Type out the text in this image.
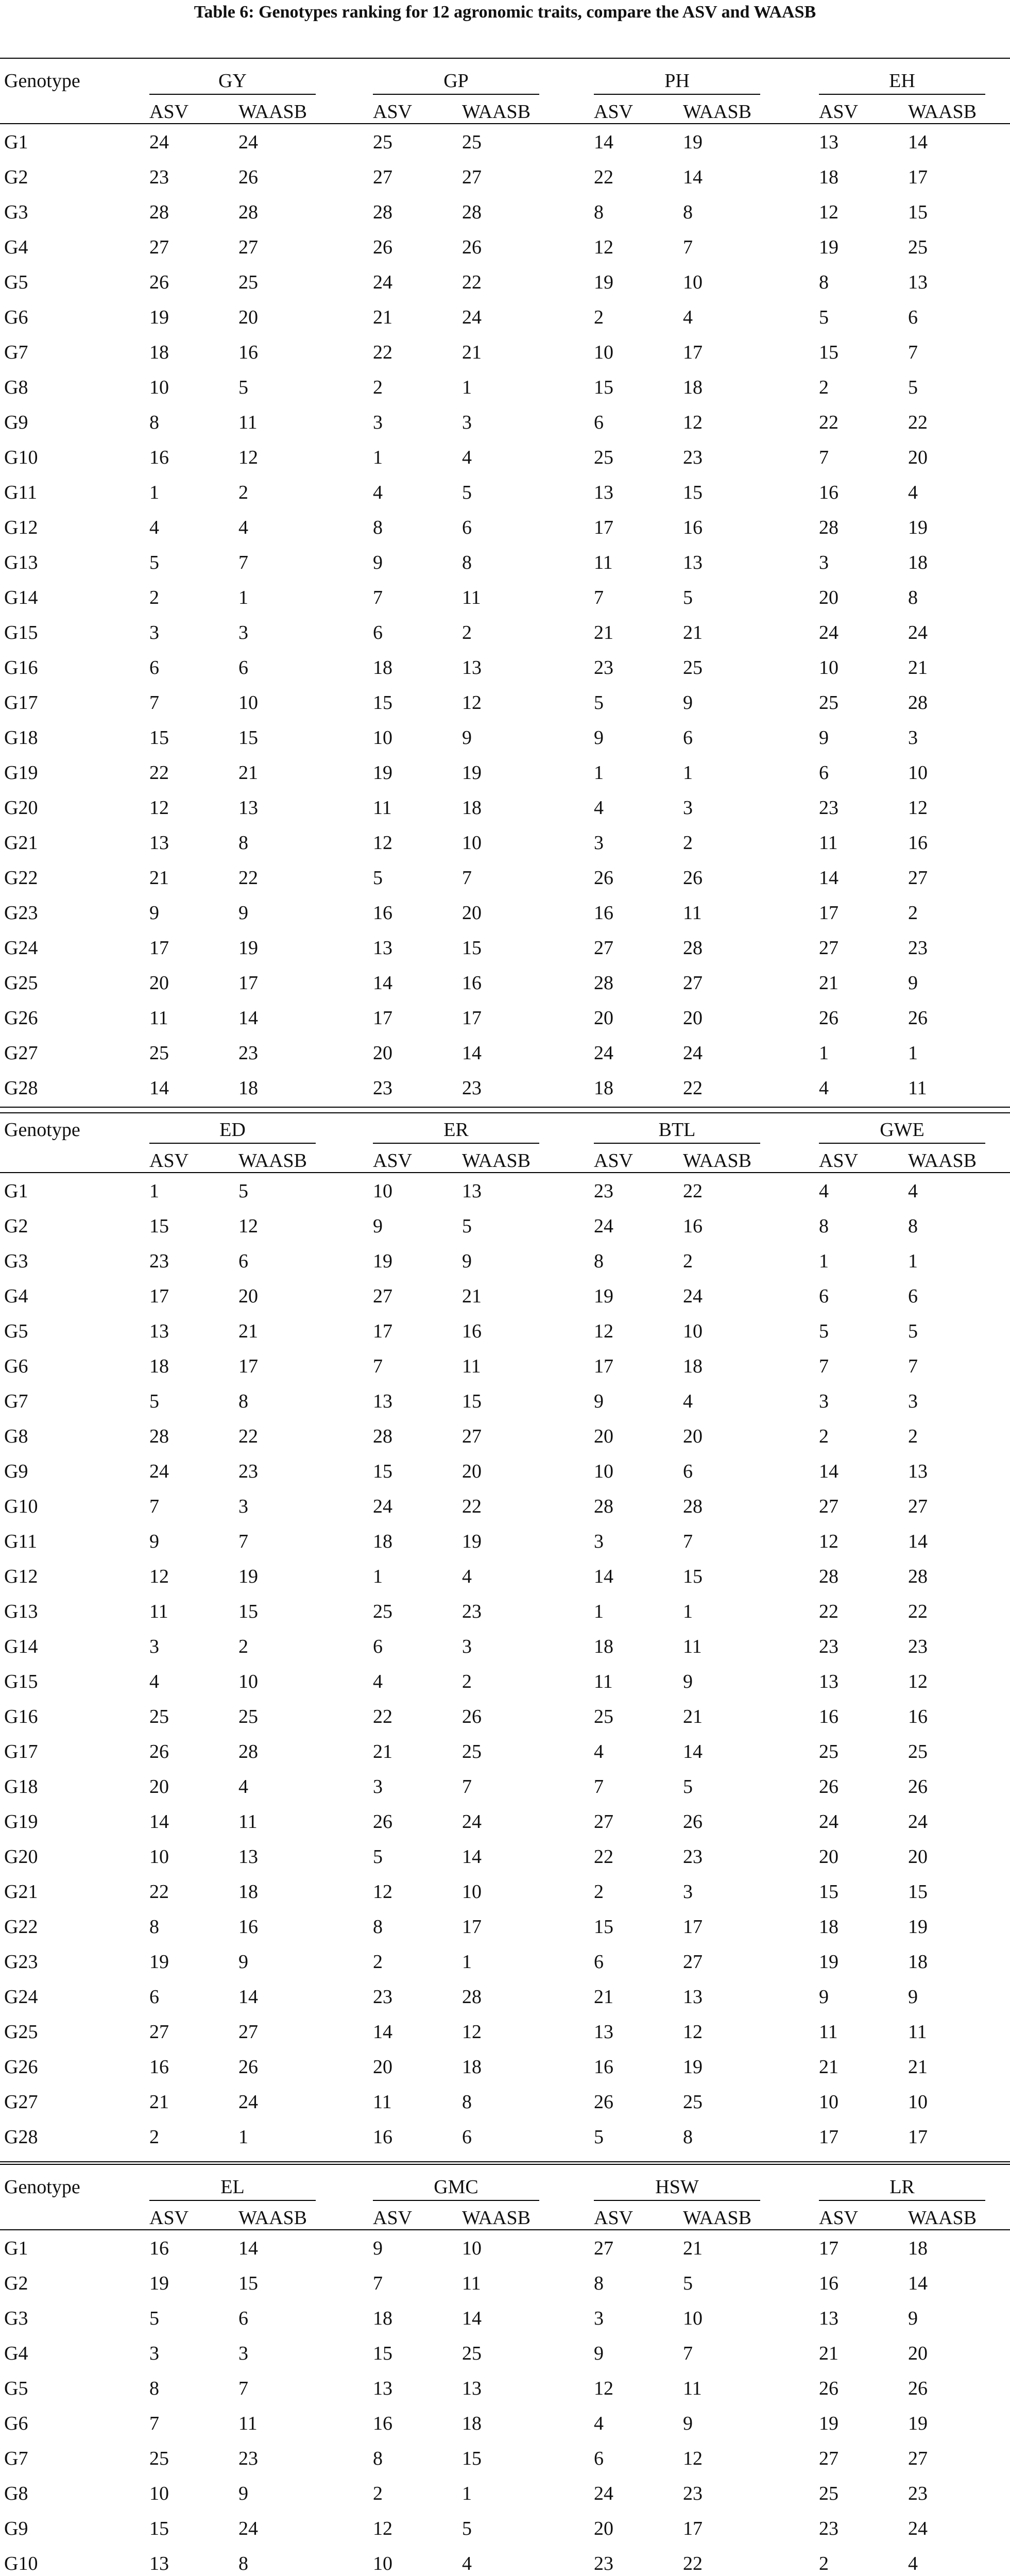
Table 6: Genotypes ranking for 12 agronomic traits, compare the ASV and WAASB
Genotype	GY
ASV	WAASB
GP
ASV	WAASB
PH
ASV	WAASB
EH
ASV	WAASB
G1	24	24	25	25	14	19	13	14
G2	23	26	27	27	22	14	18	17
G3	28	28	28	28	8	8	12	15
G4	27	27	26	26	12	7	19	25
G5	26	25	24	22	19	10	8	13
G6	19	20	21	24	2	4	5	6
G7	18	16	22	21	10	17	15	7
G8	10	5	2	1	15	18	2	5
G9	8	11	3	3	6	12	22	22
G10	16	12	1	4	25	23	7	20
G11	1	2	4	5	13	15	16	4
G12	4	4	8	6	17	16	28	19
G13	5	7	9	8	11	13	3	18
G14	2	1	7	11	7	5	20	8
G15	3	3	6	2	21	21	24	24
G16	6	6	18	13	23	25	10	21
G17	7	10	15	12	5	9	25	28
G18	15	15	10	9	9	6	9	3
G19	22	21	19	19	1	1	6	10
G20	12	13	11	18	4	3	23	12
G21	13	8	12	10	3	2	11	16
G22	21	22	5	7	26	26	14	27
G23	9	9	16	20	16	11	17	2
G24	17	19	13	15	27	28	27	23
G25	20	17	14	16	28	27	21	9
G26	11	14	17	17	20	20	26	26
G27	25	23	20	14	24	24	1	1
G28	14	18	23	23	18	22	4	11
Genotype	ED
ASV	WAASB
ER
ASV	WAASB
BTL
ASV	WAASB
GWE
ASV	WAASB
G1	1	5	10	13	23	22	4	4
G2	15	12	9	5	24	16	8	8
G3	23	6	19	9	8	2	1	1
G4	17	20	27	21	19	24	6	6
G5	13	21	17	16	12	10	5	5
G6	18	17	7	11	17	18	7	7
G7	5	8	13	15	9	4	3	3
G8	28	22	28	27	20	20	2	2
G9	24	23	15	20	10	6	14	13
G10	7	3	24	22	28	28	27	27
G11	9	7	18	19	3	7	12	14
G12	12	19	1	4	14	15	28	28
G13	11	15	25	23	1	1	22	22
G14	3	2	6	3	18	11	23	23
G15	4	10	4	2	11	9	13	12
G16	25	25	22	26	25	21	16	16
G17	26	28	21	25	4	14	25	25
G18	20	4	3	7	7	5	26	26
G19	14	11	26	24	27	26	24	24
G20	10	13	5	14	22	23	20	20
G21	22	18	12	10	2	3	15	15
G22	8	16	8	17	15	17	18	19
G23	19	9	2	1	6	27	19	18
G24	6	14	23	28	21	13	9	9
G25	27	27	14	12	13	12	11	11
G26	16	26	20	18	16	19	21	21
G27	21	24	11	8	26	25	10	10
G28	2	1	16	6	5	8	17	17
Genotype	EL
ASV	WAASB
GMC
ASV	WAASB
HSW
ASV	WAASB
LR
ASV	WAASB
G1	16	14	9	10	27	21	17	18
G2	19	15	7	11	8	5	16	14
G3	5	6	18	14	3	10	13	9
G4	3	3	15	25	9	7	21	20
G5	8	7	13	13	12	11	26	26
G6	7	11	16	18	4	9	19	19
G7	25	23	8	15	6	12	27	27
G8	10	9	2	1	24	23	25	23
G9	15	24	12	5	20	17	23	24
G10	13	8	10	4	23	22	2	4
